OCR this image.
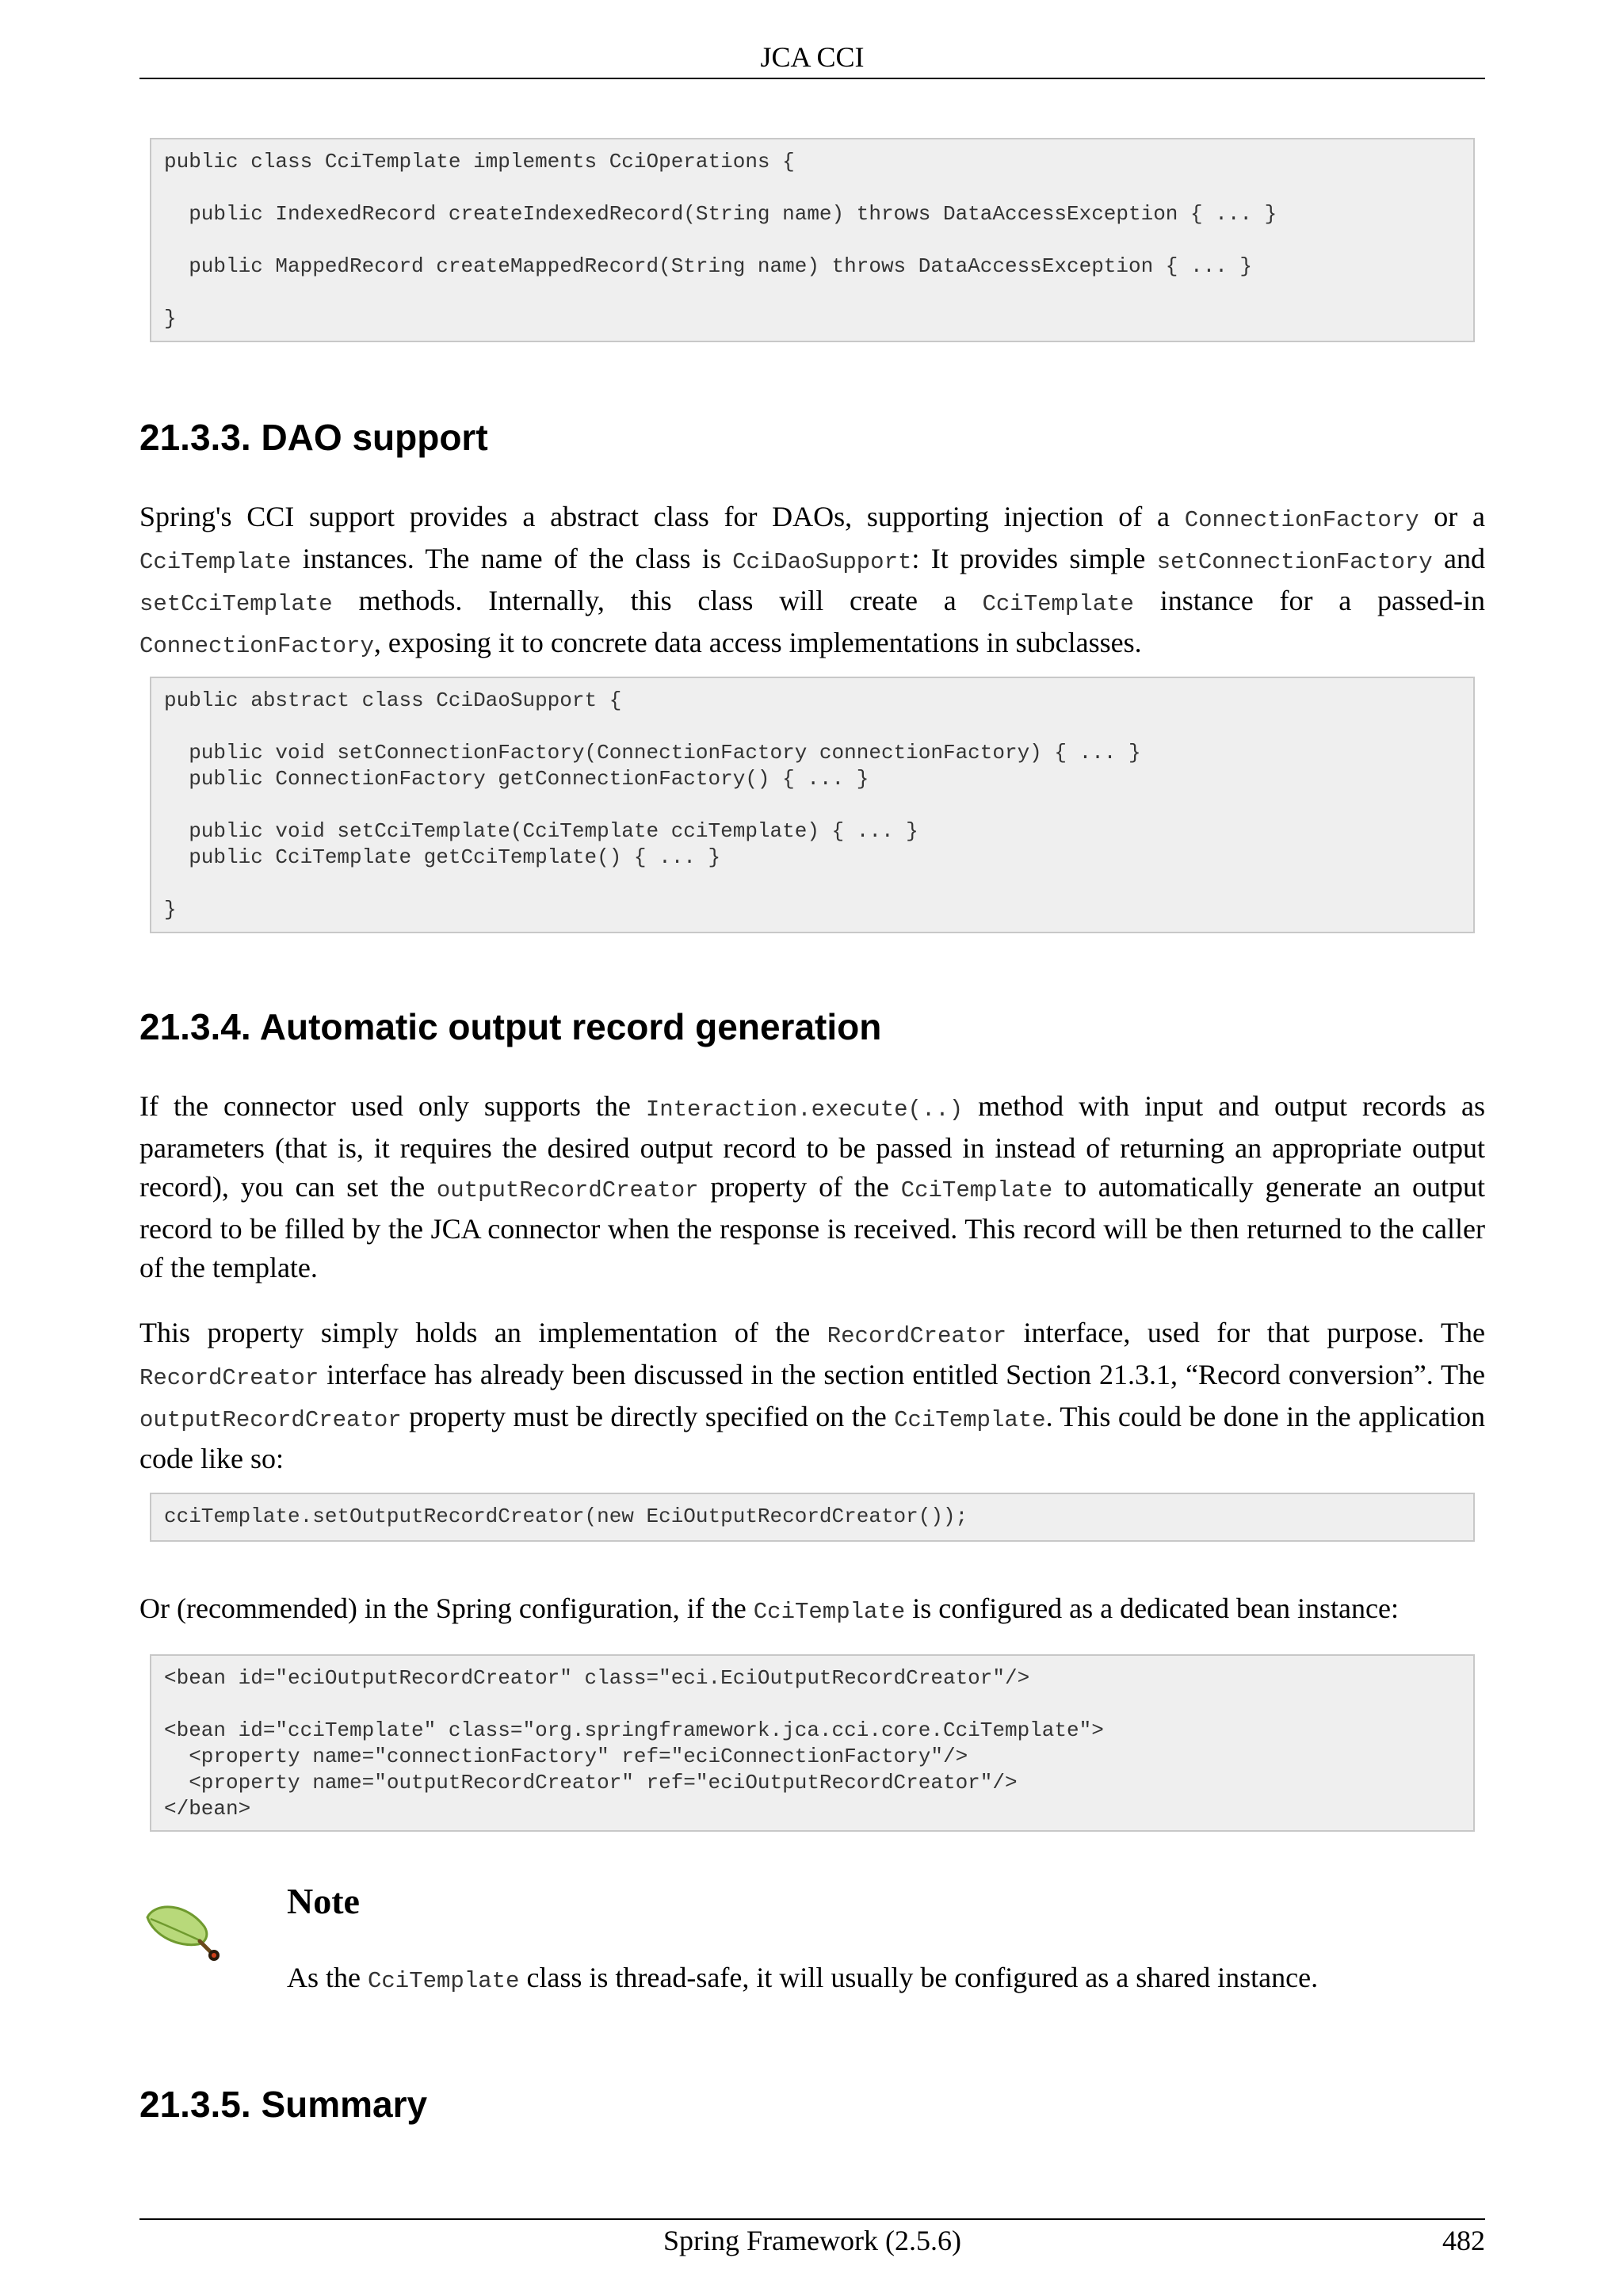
JCA CCI
public class CciTemplate implements CciOperations {

public IndexedRecord createIndexedRecord(String name) throws DataAccessException { ... }

public MappedRecord createMappedRecord(String name) throws DataAccessException { ... }

}
21.3.3. DAO support

Spring's CCI support provides a abstract class for DAOs, supporting injection of a ConnectionFactory or a CciTemplate instances. The name of the class is CciDaoSupport: It provides simple setConnectionFactory and setCciTemplate methods. Internally, this class will create a CciTemplate instance for a passed-in ConnectionFactory, exposing it to concrete data access implementations in subclasses.

public abstract class CciDaoSupport {

public void setConnectionFactory(ConnectionFactory connectionFactory) { ... }
public ConnectionFactory getConnectionFactory() { ... }

public void setCciTemplate(CciTemplate cciTemplate) { ... }
public CciTemplate getCciTemplate() { ... }

}
21.3.4. Automatic output record generation

If the connector used only supports the Interaction.execute(..) method with input and output records as parameters (that is, it requires the desired output record to be passed in instead of returning an appropriate output record), you can set the outputRecordCreator property of the CciTemplate to automatically generate an output record to be filled by the JCA connector when the response is received. This record will be then returned to the caller of the template.

This property simply holds an implementation of the RecordCreator interface, used for that purpose. The RecordCreator interface has already been discussed in the section entitled Section 21.3.1, “Record conversion”. The outputRecordCreator property must be directly specified on the CciTemplate. This could be done in the application code like so:

cciTemplate.setOutputRecordCreator(new EciOutputRecordCreator());

Or (recommended) in the Spring configuration, if the CciTemplate is configured as a dedicated bean instance:

<bean id="eciOutputRecordCreator" class="eci.EciOutputRecordCreator"/>

<bean id="cciTemplate" class="org.springframework.jca.cci.core.CciTemplate">
<property name="connectionFactory" ref="eciConnectionFactory"/>
<property name="outputRecordCreator" ref="eciOutputRecordCreator"/>
</bean>
Note

As the CciTemplate class is thread-safe, it will usually be configured as a shared instance.

21.3.5. Summary
Spring Framework (2.5.6)	482
